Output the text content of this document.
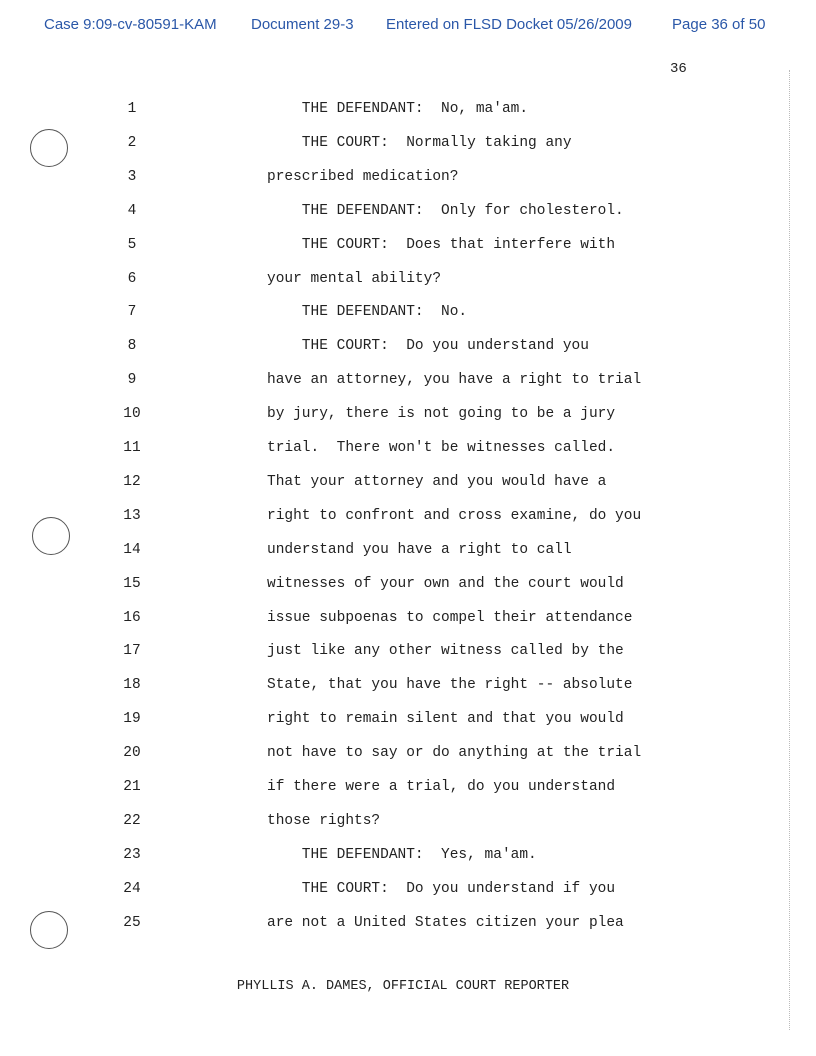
Case 9:09-cv-80591-KAM Document 29-3 Entered on FLSD Docket 05/26/2009	Page 36 of 50
36
1	THE DEFENDANT:  No, ma'am.
2	THE COURT:  Normally taking any
3	prescribed medication?
4	THE DEFENDANT:  Only for cholesterol.
5	THE COURT:  Does that interfere with
6	your mental ability?
7	THE DEFENDANT:  No.
8	THE COURT:  Do you understand you
9	have an attorney, you have a right to trial
10	by jury, there is not going to be a jury
11	trial.  There won't be witnesses called.
12	That your attorney and you would have a
13	right to confront and cross examine, do you
14	understand you have a right to call
15	witnesses of your own and the court would
16	issue subpoenas to compel their attendance
17	just like any other witness called by the
18	State, that you have the right -- absolute
19	right to remain silent and that you would
20	not have to say or do anything at the trial
21	if there were a trial, do you understand
22	those rights?
23	THE DEFENDANT:  Yes, ma'am.
24	THE COURT:  Do you understand if you
25	are not a United States citizen your plea
PHYLLIS A. DAMES, OFFICIAL COURT REPORTER
